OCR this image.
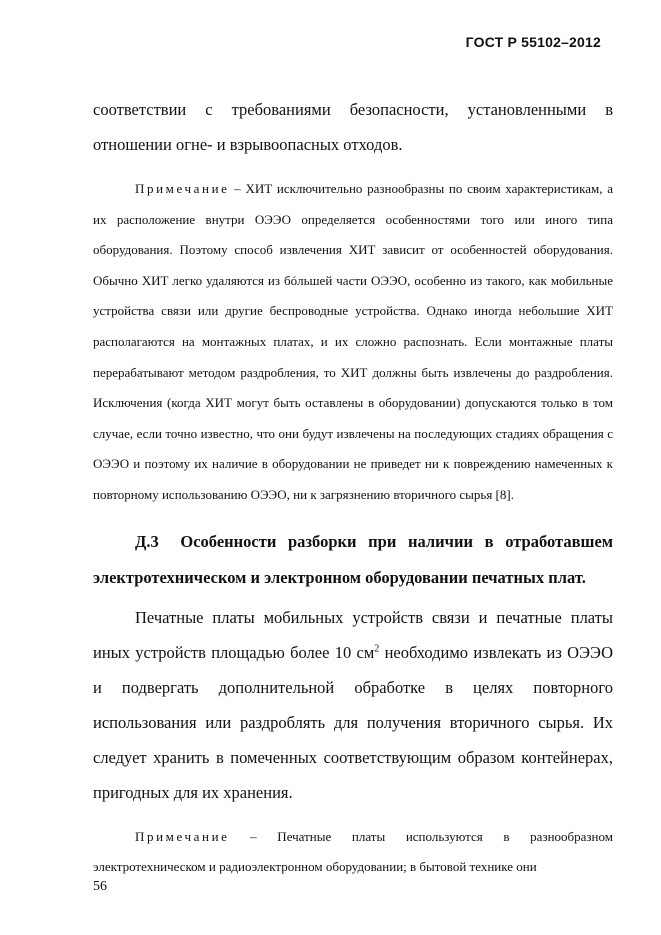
ГОСТ Р 55102–2012

соответствии с требованиями безопасности, установленными в отношении огне- и взрывоопасных отходов.

Примечание – ХИТ исключительно разнообразны по своим характеристикам, а их расположение внутри ОЭЭО определяется особенностями того или иного типа оборудования. Поэтому способ извлечения ХИТ зависит от особенностей оборудования. Обычно ХИТ легко удаляются из бóльшей части ОЭЭО, особенно из такого, как мобильные устройства связи или другие беспроводные устройства. Однако иногда небольшие ХИТ располагаются на монтажных платах, и их сложно распознать. Если монтажные платы перерабатывают методом раздробления, то ХИТ должны быть извлечены до раздробления. Исключения (когда ХИТ могут быть оставлены в оборудовании) допускаются только в том случае, если точно известно, что они будут извлечены на последующих стадиях обращения с ОЭЭО и поэтому их наличие в оборудовании не приведет ни к повреждению намеченных к повторному использованию ОЭЭО, ни к загрязнению вторичного сырья [8].

Д.3 Особенности разборки при наличии в отработавшем электротехническом и электронном оборудовании печатных плат.

Печатные платы мобильных устройств связи и печатные платы иных устройств площадью более 10 $см^2$ необходимо извлекать из ОЭЭО и подвергать дополнительной обработке в целях повторного использования или раздроблять для получения вторичного сырья. Их следует хранить в помеченных соответствующим образом контейнерах, пригодных для их хранения.

Примечание – Печатные платы используются в разнообразном электротехническом и радиоэлектронном оборудовании; в бытовой технике они

56
